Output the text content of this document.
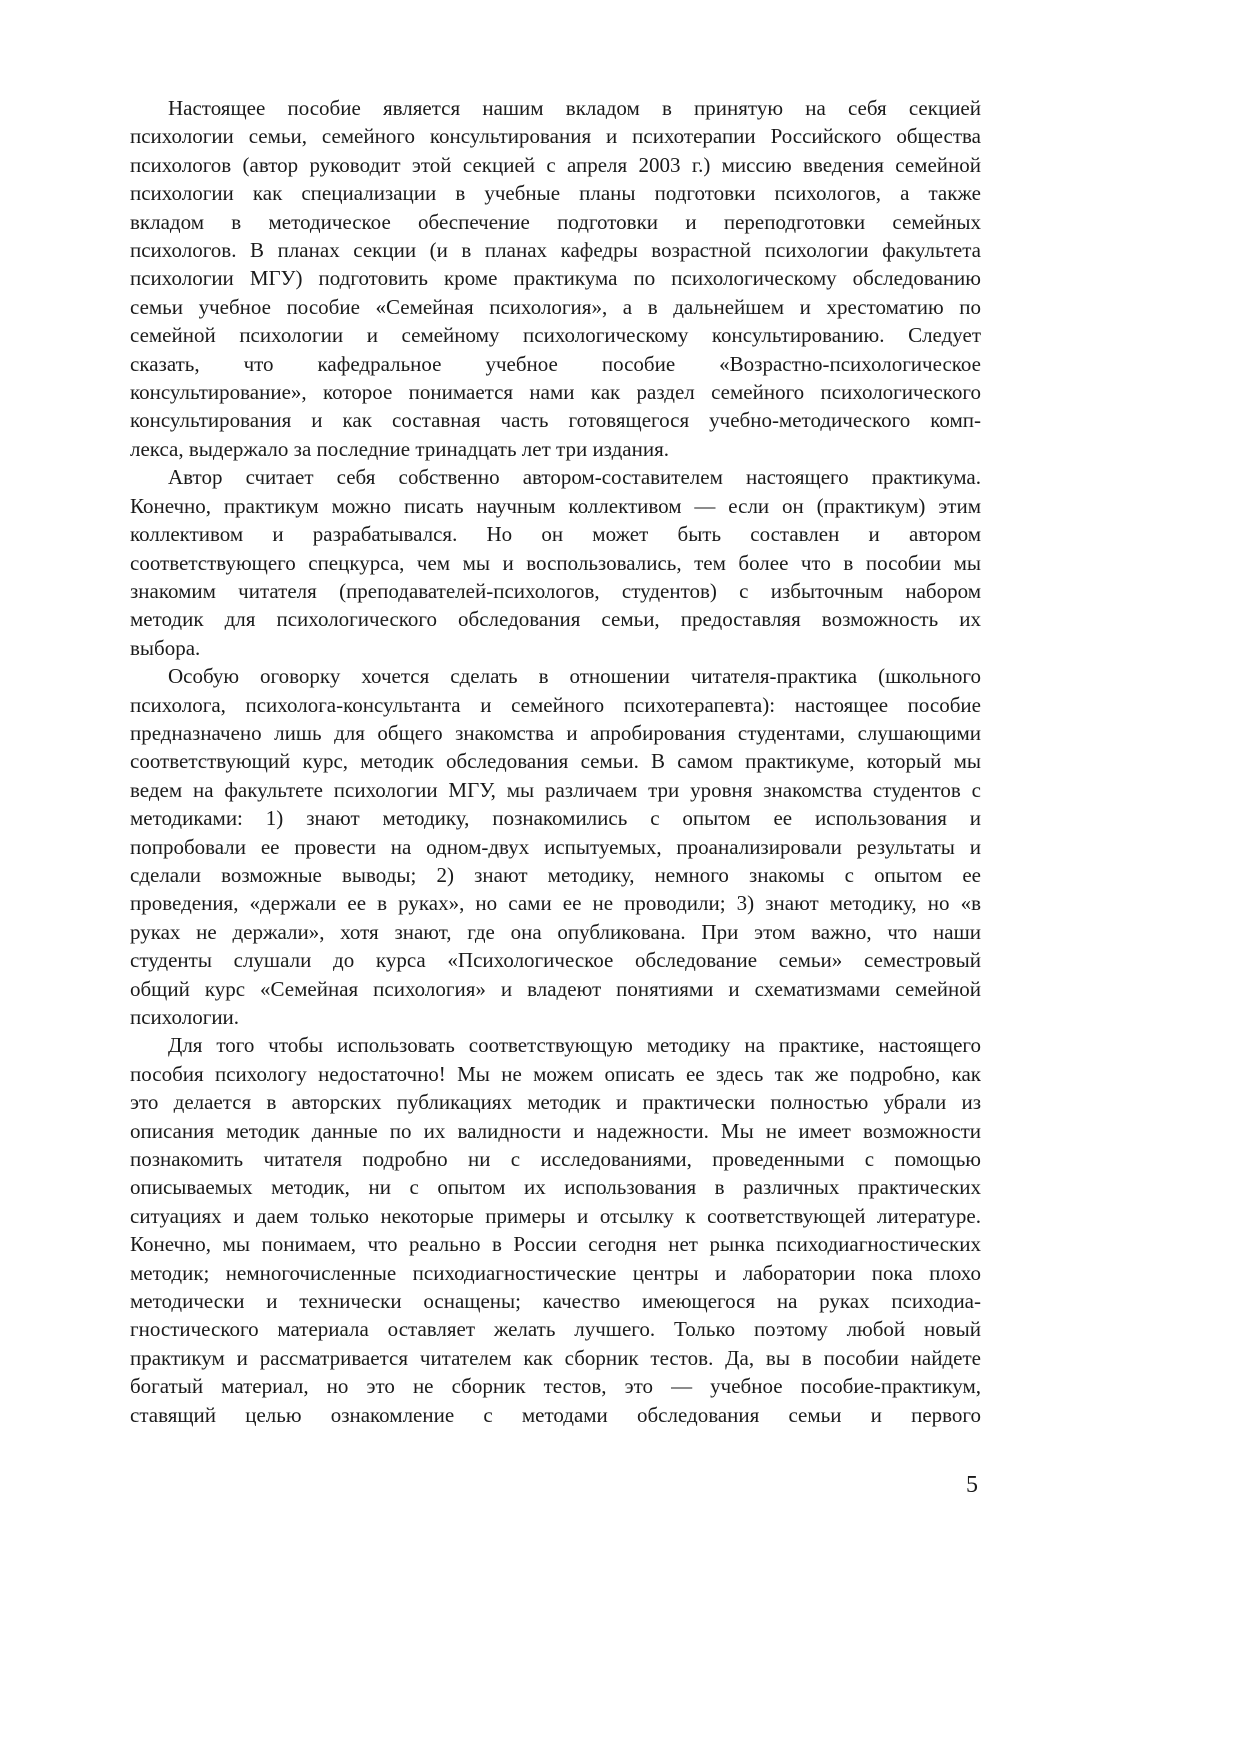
Настоящее пособие является нашим вкладом в принятую на себя секцией
психологии семьи, семейного консультирования и психотерапии Российского общества
психологов (автор руководит этой секцией с апреля 2003 г.) миссию введения семейной
психологии как специализации в учебные планы подготовки психологов, а также
вкладом в методическое обеспечение подготовки и переподготовки семейных
психологов. В планах секции (и в планах кафедры возрастной психологии факультета
психологии МГУ) подготовить кроме практикума по психологическому обследованию
семьи учебное пособие «Семейная психология», а в дальнейшем и хрестоматию по
семейной психологии и семейному психологическому консультированию. Следует
сказать, что кафедральное учебное пособие «Возрастно-психологическое
консультирование», которое понимается нами как раздел семейного психологического
консультирования и как составная часть готовящегося учебно-методического комп-
лекса, выдержало за последние тринадцать лет три издания.
Автор считает себя собственно автором-составителем настоящего практикума.
Конечно, практикум можно писать научным коллективом — если он (практикум) этим
коллективом и разрабатывался. Но он может быть составлен и автором
соответствующего спецкурса, чем мы и воспользовались, тем более что в пособии мы
знакомим читателя (преподавателей-психологов, студентов) с избыточным набором
методик для психологического обследования семьи, предоставляя возможность их
выбора.
Особую оговорку хочется сделать в отношении читателя-практика (школьного
психолога, психолога-консультанта и семейного психотерапевта): настоящее пособие
предназначено лишь для общего знакомства и апробирования студентами, слушающими
соответствующий курс, методик обследования семьи. В самом практикуме, который мы
ведем на факультете психологии МГУ, мы различаем три уровня знакомства студентов с
методиками: 1) знают методику, познакомились с опытом ее использования и
попробовали ее провести на одном-двух испытуемых, проанализировали результаты и
сделали возможные выводы; 2) знают методику, немного знакомы с опытом ее
проведения, «держали ее в руках», но сами ее не проводили; 3) знают методику, но «в
руках не держали», хотя знают, где она опубликована. При этом важно, что наши
студенты слушали до курса «Психологическое обследование семьи» семестровый
общий курс «Семейная психология» и владеют понятиями и схематизмами семейной
психологии.
Для того чтобы использовать соответствующую методику на практике, настоящего
пособия психологу недостаточно! Мы не можем описать ее здесь так же подробно, как
это делается в авторских публикациях методик и практически полностью убрали из
описания методик данные по их валидности и надежности. Мы не имеет возможности
познакомить читателя подробно ни с исследованиями, проведенными с помощью
описываемых методик, ни с опытом их использования в различных практических
ситуациях и даем только некоторые примеры и отсылку к соответствующей литературе.
Конечно, мы понимаем, что реально в России сегодня нет рынка психодиагностических
методик; немногочисленные психодиагностические центры и лаборатории пока плохо
методически и технически оснащены; качество имеющегося на руках психодиа-
гностического материала оставляет желать лучшего. Только поэтому любой новый
практикум и рассматривается читателем как сборник тестов. Да, вы в пособии найдете
богатый материал, но это не сборник тестов, это — учебное пособие-практикум,
ставящий целью ознакомление с методами обследования семьи и первого
5
